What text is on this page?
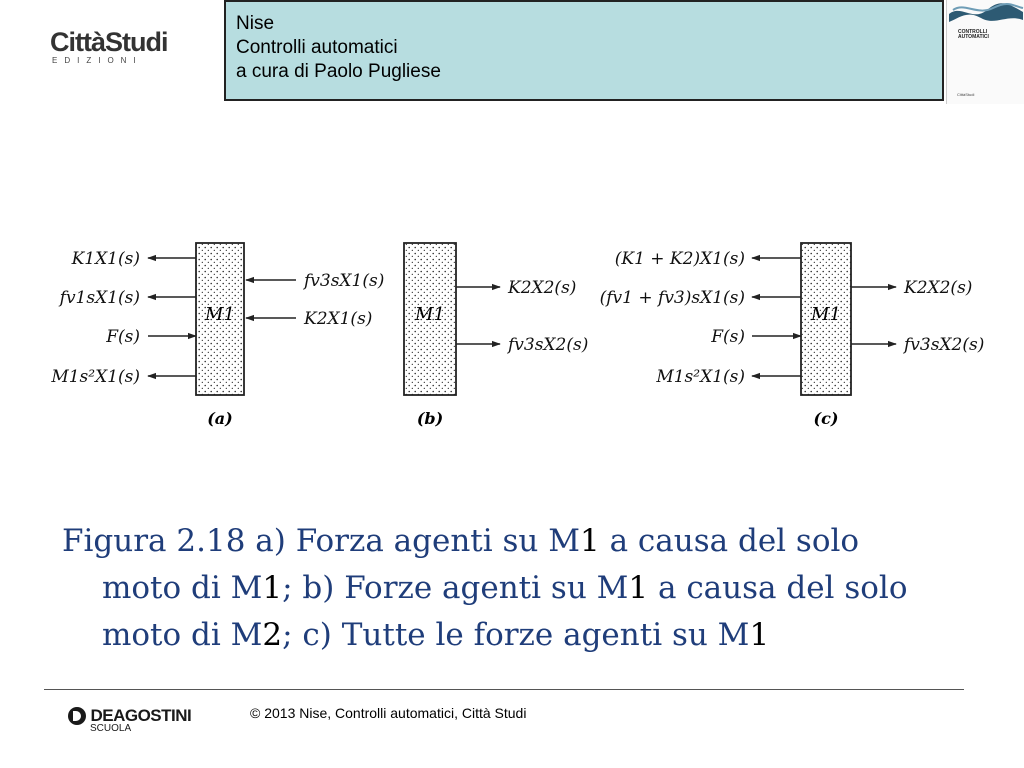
CittàStudi
EDIZIONI
Nise
Controlli automatici
a cura di Paolo Pugliese
CONTROLLI
AUTOMATICI
CittàStudi
M1
K1X1(s)
fv1sX1(s)
F(s)
M1s²X1(s)
fv3sX1(s)
K2X1(s)
(a)
M1
K2X2(s)
fv3sX2(s)
(b)
M1
(K1 + K2)X1(s)
(fv1 + fv3)sX1(s)
F(s)
M1s²X1(s)
K2X2(s)
fv3sX2(s)
(c)
Figura 2.18 a) Forza agenti su M1 a causa del solo
moto di M1; b) Forze agenti su M1 a causa del solo
moto di M2; c) Tutte le forze agenti su M1
DEAGOSTINI
SCUOLA
© 2013 Nise, Controlli automatici, Città Studi
